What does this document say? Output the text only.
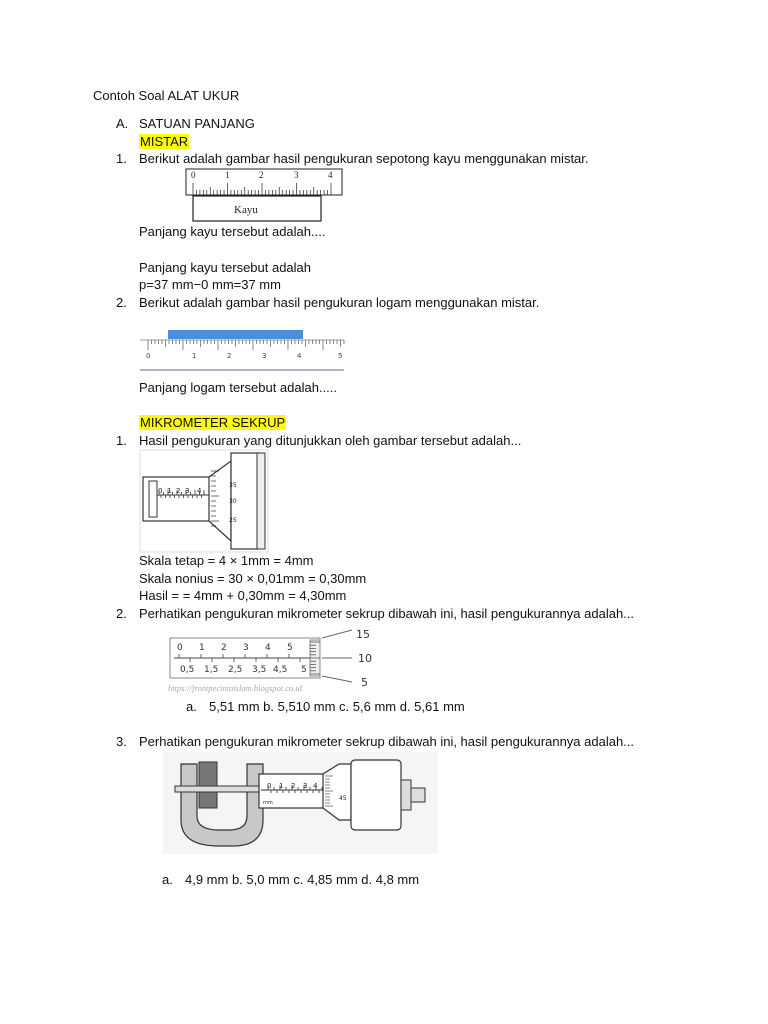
Contoh Soal ALAT UKUR
A. SATUAN PANJANG
MISTAR
1. Berikut adalah gambar hasil pengukuran sepotong kayu menggunakan mistar.
0	1	2	3	4
Kayu
Panjang kayu tersebut adalah....
Panjang kayu tersebut adalah
p=37 mm−0 mm=37 mm
2. Berikut adalah gambar hasil pengukuran logam menggunakan mistar.
0	1	2	3	4	5
Panjang logam tersebut adalah.....
MIKROMETER SEKRUP
1. Hasil pengukuran yang ditunjukkan oleh gambar tersebut adalah...
0 1 2 3 4
35
30
25
Skala tetap = 4 × 1mm = 4mm
Skala nonius = 30 × 0,01mm = 0,30mm
Hasil = = 4mm + 0,30mm = 4,30mm
2. Perhatikan pengukuran mikrometer sekrup dibawah ini, hasil pengukurannya adalah...
0 1 2 3 4 5
0,5 1,5 2,5 3,5 4,5 5
15
10
5
https://frontpecintaislam.blogspot.co.id
a. 5,51 mm b. 5,510 mm c. 5,6 mm d. 5,61 mm
3. Perhatikan pengukuran mikrometer sekrup dibawah ini, hasil pengukurannya adalah...
0 1 2 3 4
mm
45
a. 4,9 mm b. 5,0 mm c. 4,85 mm d. 4,8 mm
